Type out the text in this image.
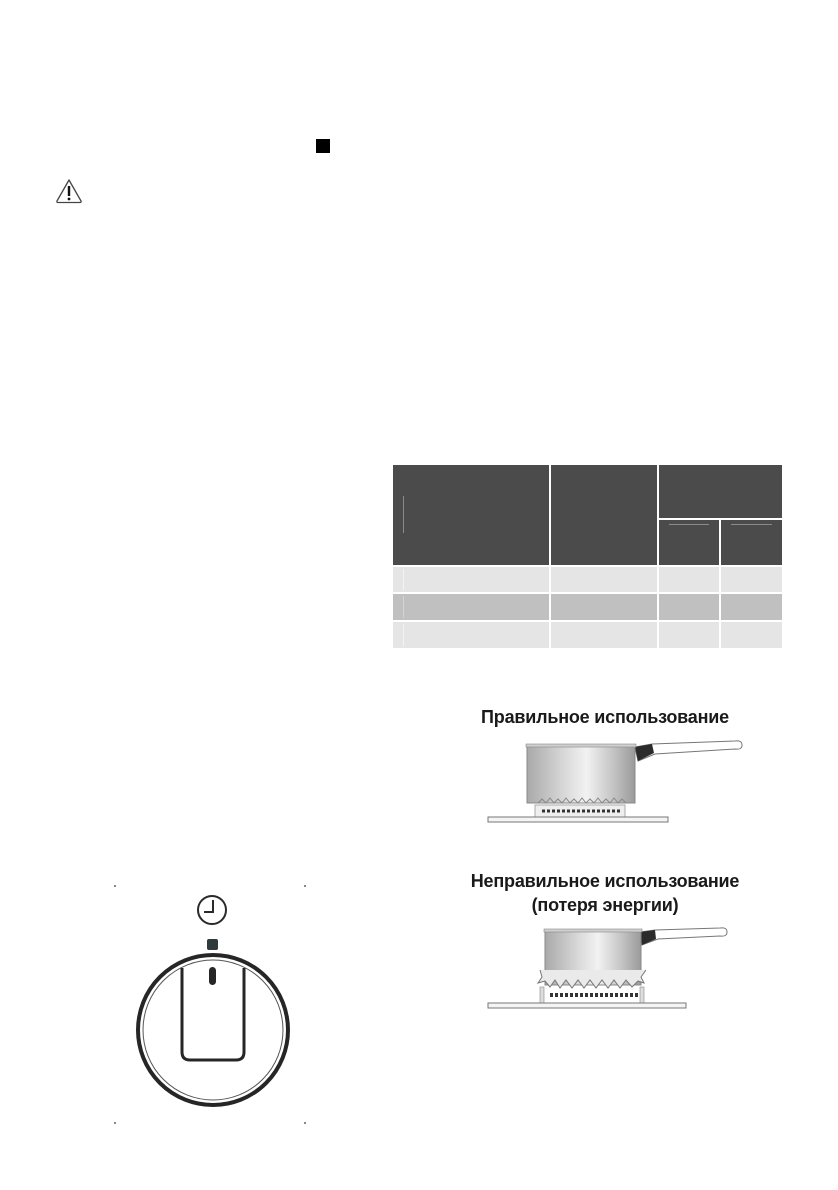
Правильное использование
Неправильное использование
(потеря энергии)
